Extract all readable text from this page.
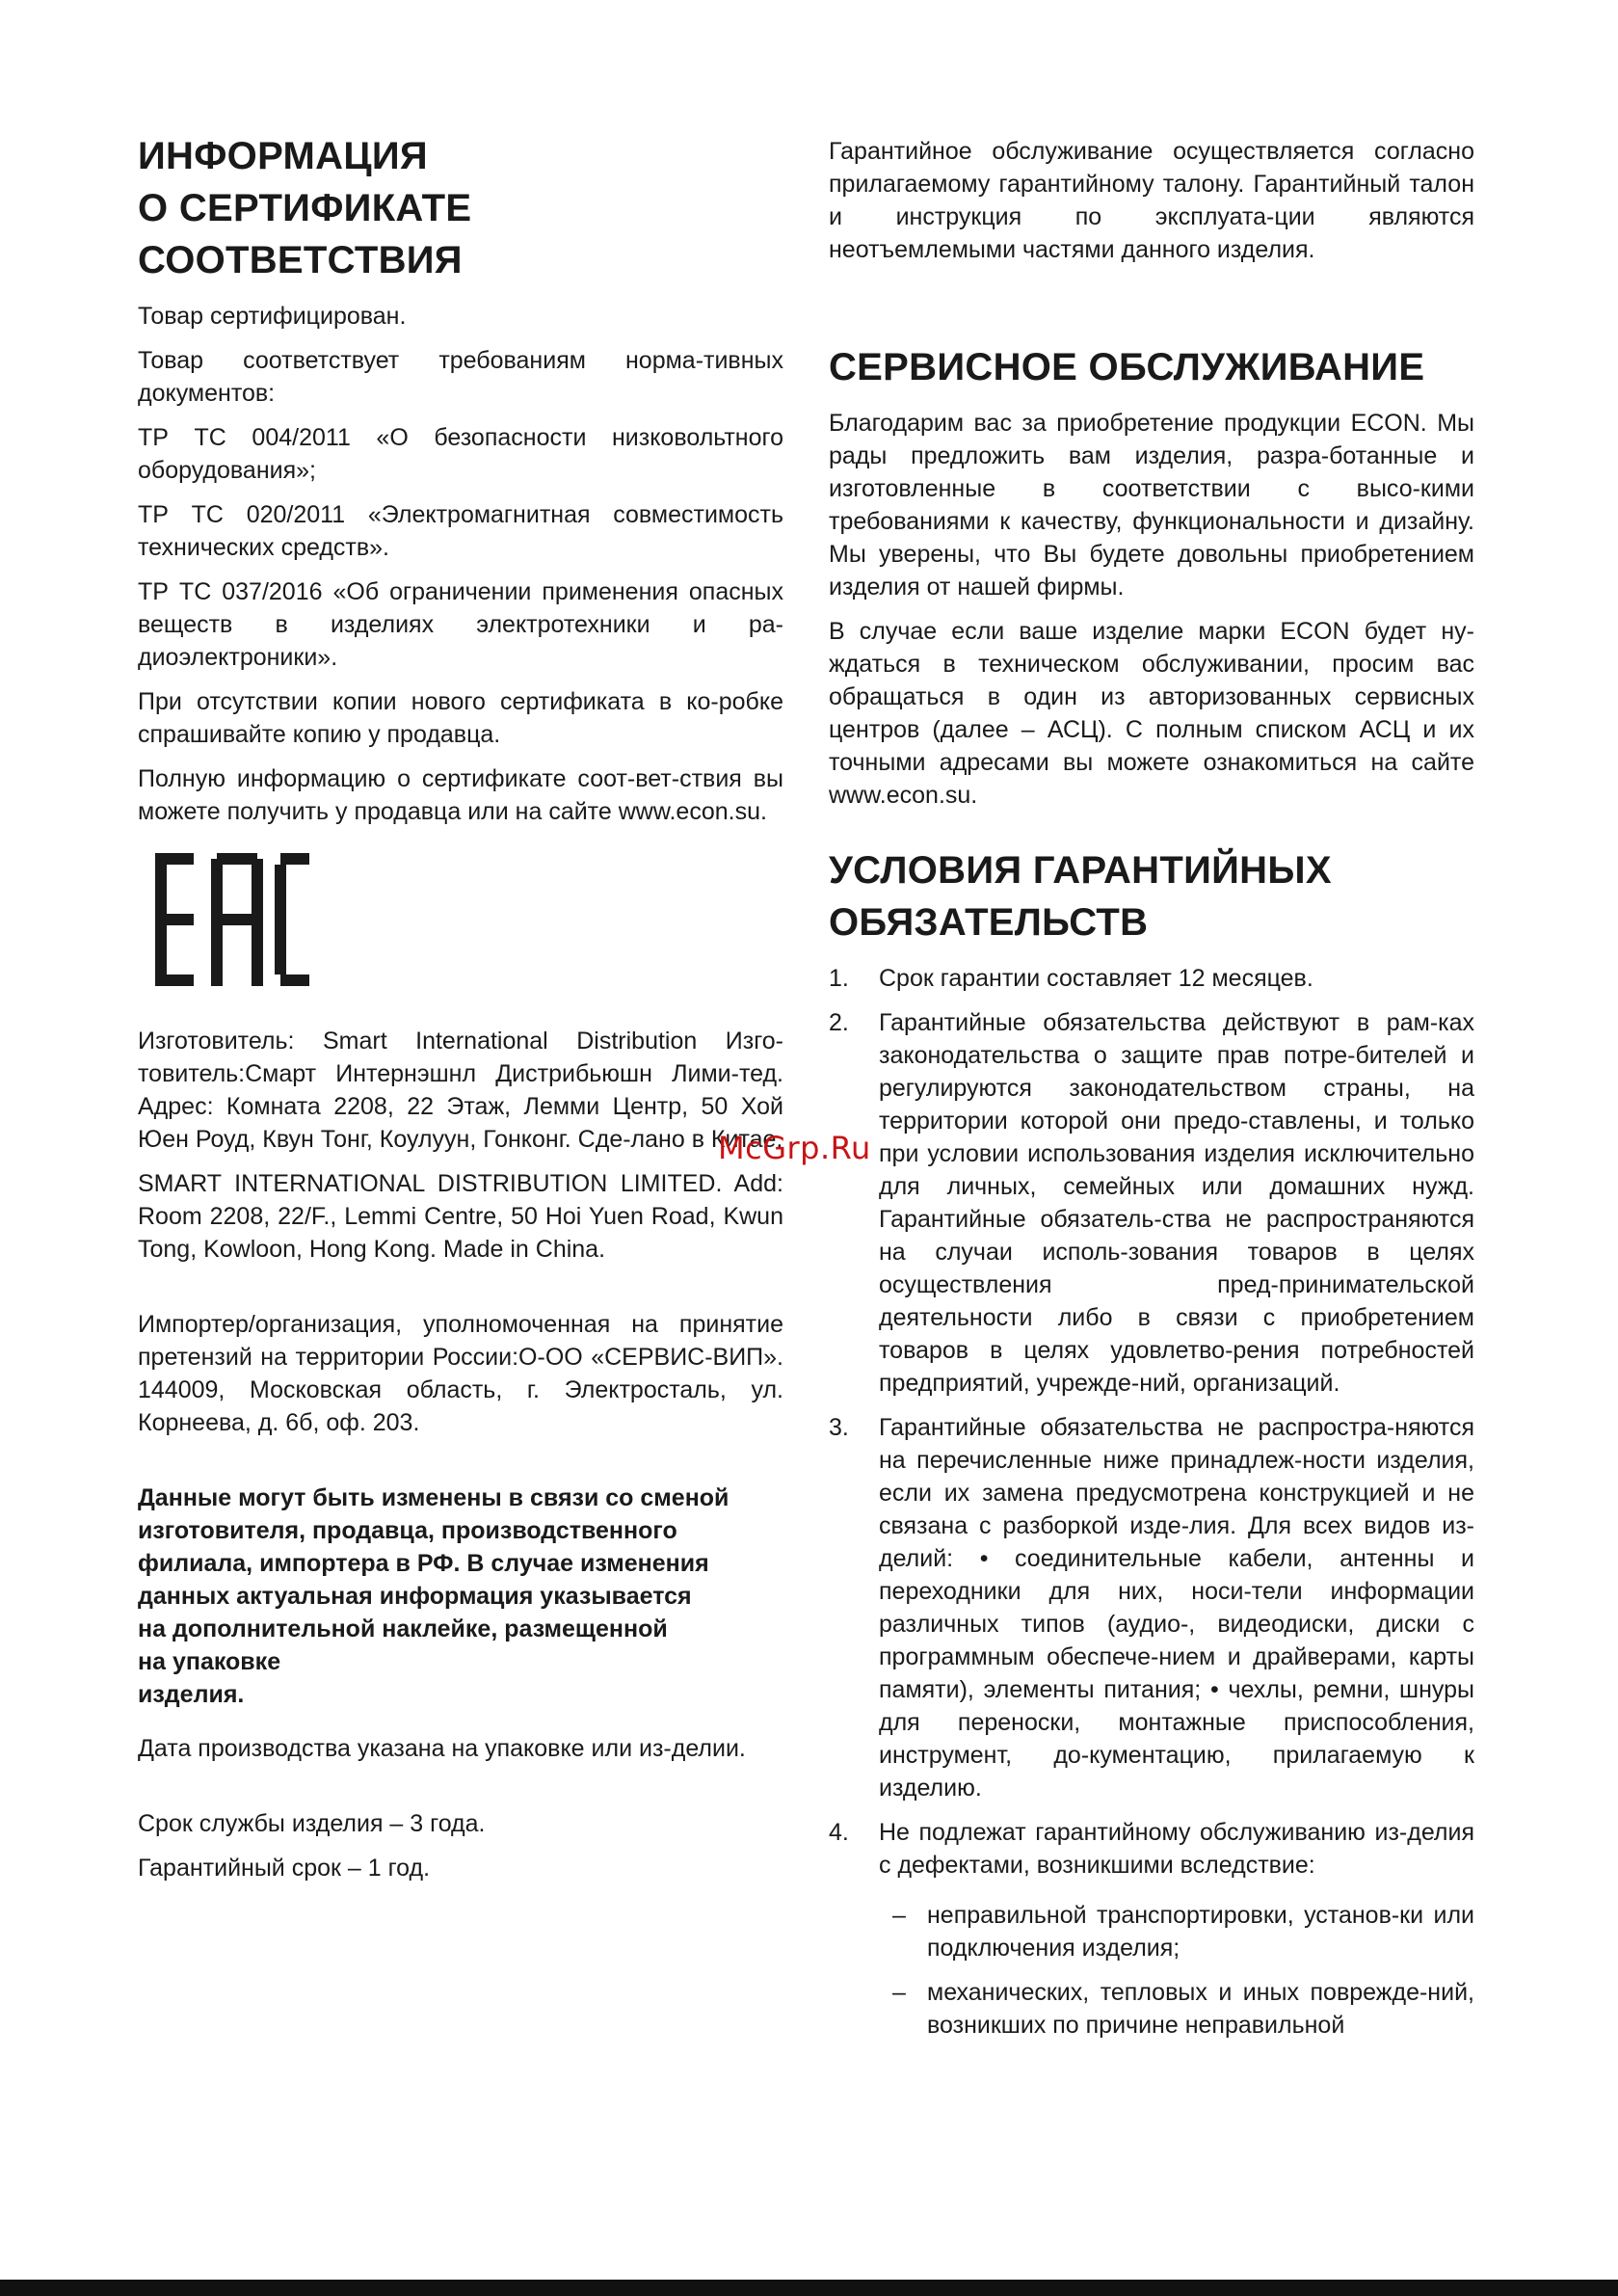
ИНФОРМАЦИЯ
О СЕРТИФИКАТЕ
СООТВЕТСТВИЯ

Товар сертифицирован.

Товар соответствует требованиям норма-тивных документов:

ТР ТС 004/2011 «О безопасности низковольтного оборудования»;

ТР ТС 020/2011 «Электромагнитная совместимость технических средств».

ТР ТС 037/2016 «Об ограничении применения опасных веществ в изделиях электротехники и ра-диоэлектроники».

При отсутствии копии нового сертификата в ко-робке спрашивайте копию у продавца.

Полную информацию о сертификате соот-вет-ствия вы можете получить у продавца или на сайте www.econ.su.

Изготовитель: Smart International Distribution Изго-товитель:Смарт Интернэшнл Дистрибьюшн Лими-тед. Адрес: Комната 2208, 22 Этаж, Лемми Центр, 50 Хой Юен Роуд, Квун Тонг, Коулуун, Гонконг. Сде-лано в Китае.

SMART INTERNATIONAL DISTRIBUTION LIMITED. Add: Room 2208, 22/F., Lemmi Centre, 50 Hoi Yuen Road, Kwun Tong, Kowloon, Hong Kong. Made in China.

Импортер/организация, уполномоченная на принятие претензий на территории России:О-ОО «СЕРВИС-ВИП». 144009, Московская область, г. Электросталь, ул. Корнеева, д. 6б, оф. 203.

Данные могут быть изменены в связи со сменой
изготовителя, продавца, производственного
филиала, импортера в РФ. В случае изменения
данных актуальная информация указывается
на дополнительной наклейке, размещенной
на упаковке
изделия.

Дата производства указана на упаковке или из-делии.

Срок службы изделия – 3 года.

Гарантийный срок – 1 год.

Гарантийное обслуживание осуществляется согласно прилагаемому гарантийному талону. Гарантийный талон и инструкция по эксплуата-ции являются неотъемлемыми частями данного изделия.

СЕРВИСНОЕ ОБСЛУЖИВАНИЕ

Благодарим вас за приобретение продукции ECON. Мы рады предложить вам изделия, разра-ботанные и изготовленные в соответствии с высо-кими требованиями к качеству, функциональности и дизайну. Мы уверены, что Вы будете довольны приобретением изделия от нашей фирмы.

В случае если ваше изделие марки ECON будет ну-ждаться в техническом обслуживании, просим вас обращаться в один из авторизованных сервисных центров (далее – АСЦ). С полным списком АСЦ и их точными адресами вы можете ознакомиться на сайте www.econ.su.

УСЛОВИЯ ГАРАНТИЙНЫХ
ОБЯЗАТЕЛЬСТВ
1. Срок гарантии составляет 12 месяцев.
2. Гарантийные обязательства действуют в рам-ках законодательства о защите прав потре-бителей и регулируются законодательством страны, на территории которой они предо-ставлены, и только при условии использования изделия исключительно для личных, семейных или домашних нужд. Гарантийные обязатель-ства не распространяются на случаи исполь-зования товаров в целях осуществления пред-принимательской деятельности либо в связи с приобретением товаров в целях удовлетво-рения потребностей предприятий, учрежде-ний, организаций.
3. Гарантийные обязательства не распростра-няются на перечисленные ниже принадлеж-ности изделия, если их замена предусмотрена конструкцией и не связана с разборкой изде-лия. Для всех видов из-делий: • соединительные кабели, антенны и переходники для них, носи-тели информации различных типов (аудио-, видеодиски, диски с программным обеспече-нием и драйверами, карты памяти), элементы питания; • чехлы, ремни, шнуры для переноски, монтажные приспособления, инструмент, до-кументацию, прилагаемую к изделию.
4. Не подлежат гарантийному обслуживанию из-делия с дефектами, возникшими вследствие:
– неправильной транспортировки, установ-ки или подключения изделия;
– механических, тепловых и иных поврежде-ний, возникших по причине неправильной
McGrp.Ru
